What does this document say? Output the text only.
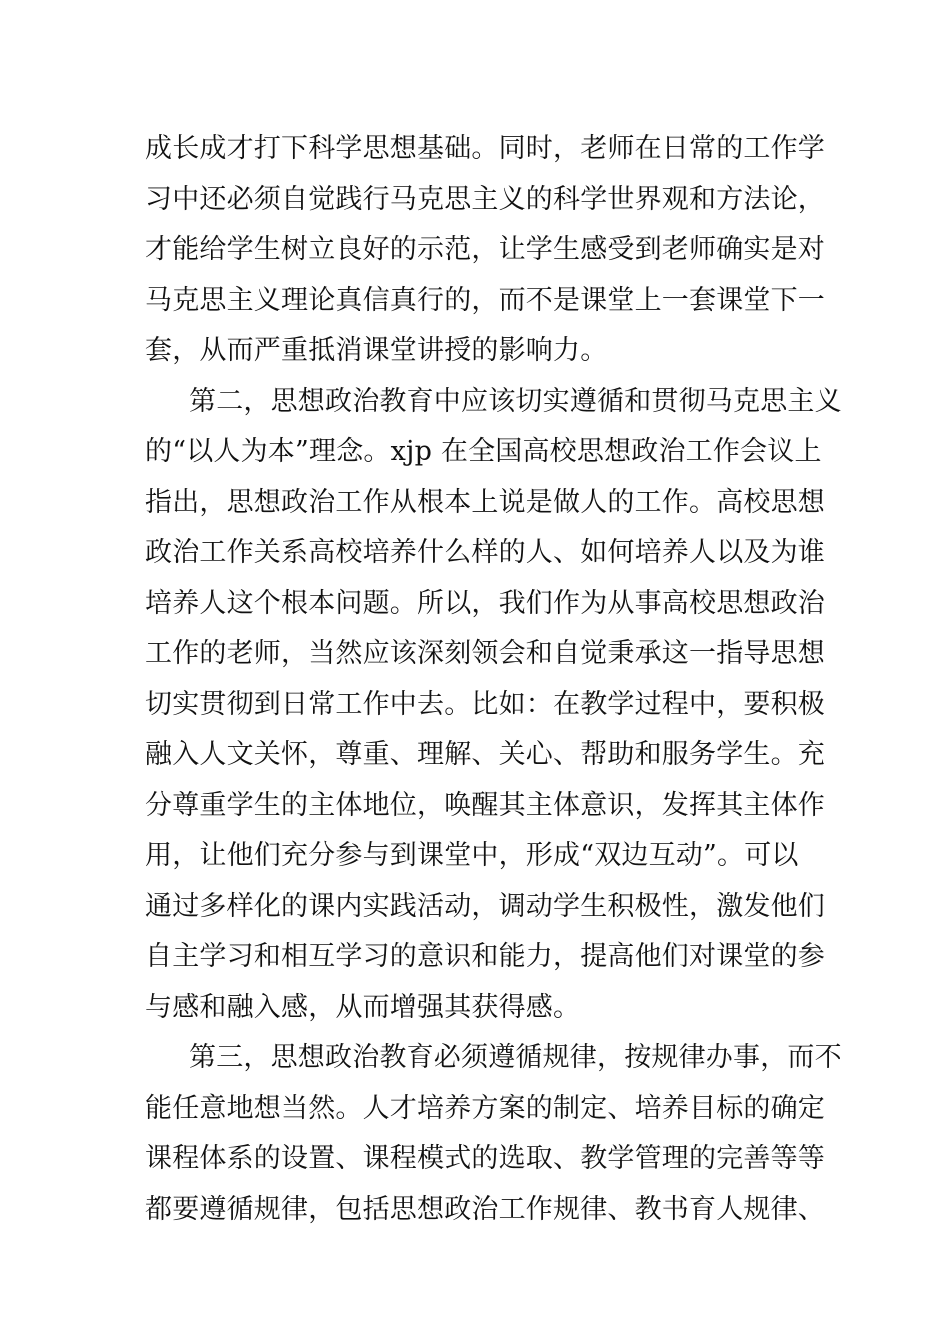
成长成才打下科学思想基础。同时，老师在日常的工作学
习中还必须自觉践行马克思主义的科学世界观和方法论，
才能给学生树立良好的示范，让学生感受到老师确实是对
马克思主义理论真信真行的，而不是课堂上一套课堂下一
套，从而严重抵消课堂讲授的影响力。
第二，思想政治教育中应该切实遵循和贯彻马克思主义
的“以人为本”理念。xjp 在全国高校思想政治工作会议上
指出，思想政治工作从根本上说是做人的工作。高校思想
政治工作关系高校培养什么样的人、如何培养人以及为谁
培养人这个根本问题。所以，我们作为从事高校思想政治
工作的老师，当然应该深刻领会和自觉秉承这一指导思想
切实贯彻到日常工作中去。比如：在教学过程中，要积极
融入人文关怀，尊重、理解、关心、帮助和服务学生。充
分尊重学生的主体地位，唤醒其主体意识，发挥其主体作
用，让他们充分参与到课堂中，形成“双边互动”。可以
通过多样化的课内实践活动，调动学生积极性，激发他们
自主学习和相互学习的意识和能力，提高他们对课堂的参
与感和融入感，从而增强其获得感。
第三，思想政治教育必须遵循规律，按规律办事，而不
能任意地想当然。人才培养方案的制定、培养目标的确定
课程体系的设置、课程模式的选取、教学管理的完善等等
都要遵循规律，包括思想政治工作规律、教书育人规律、
